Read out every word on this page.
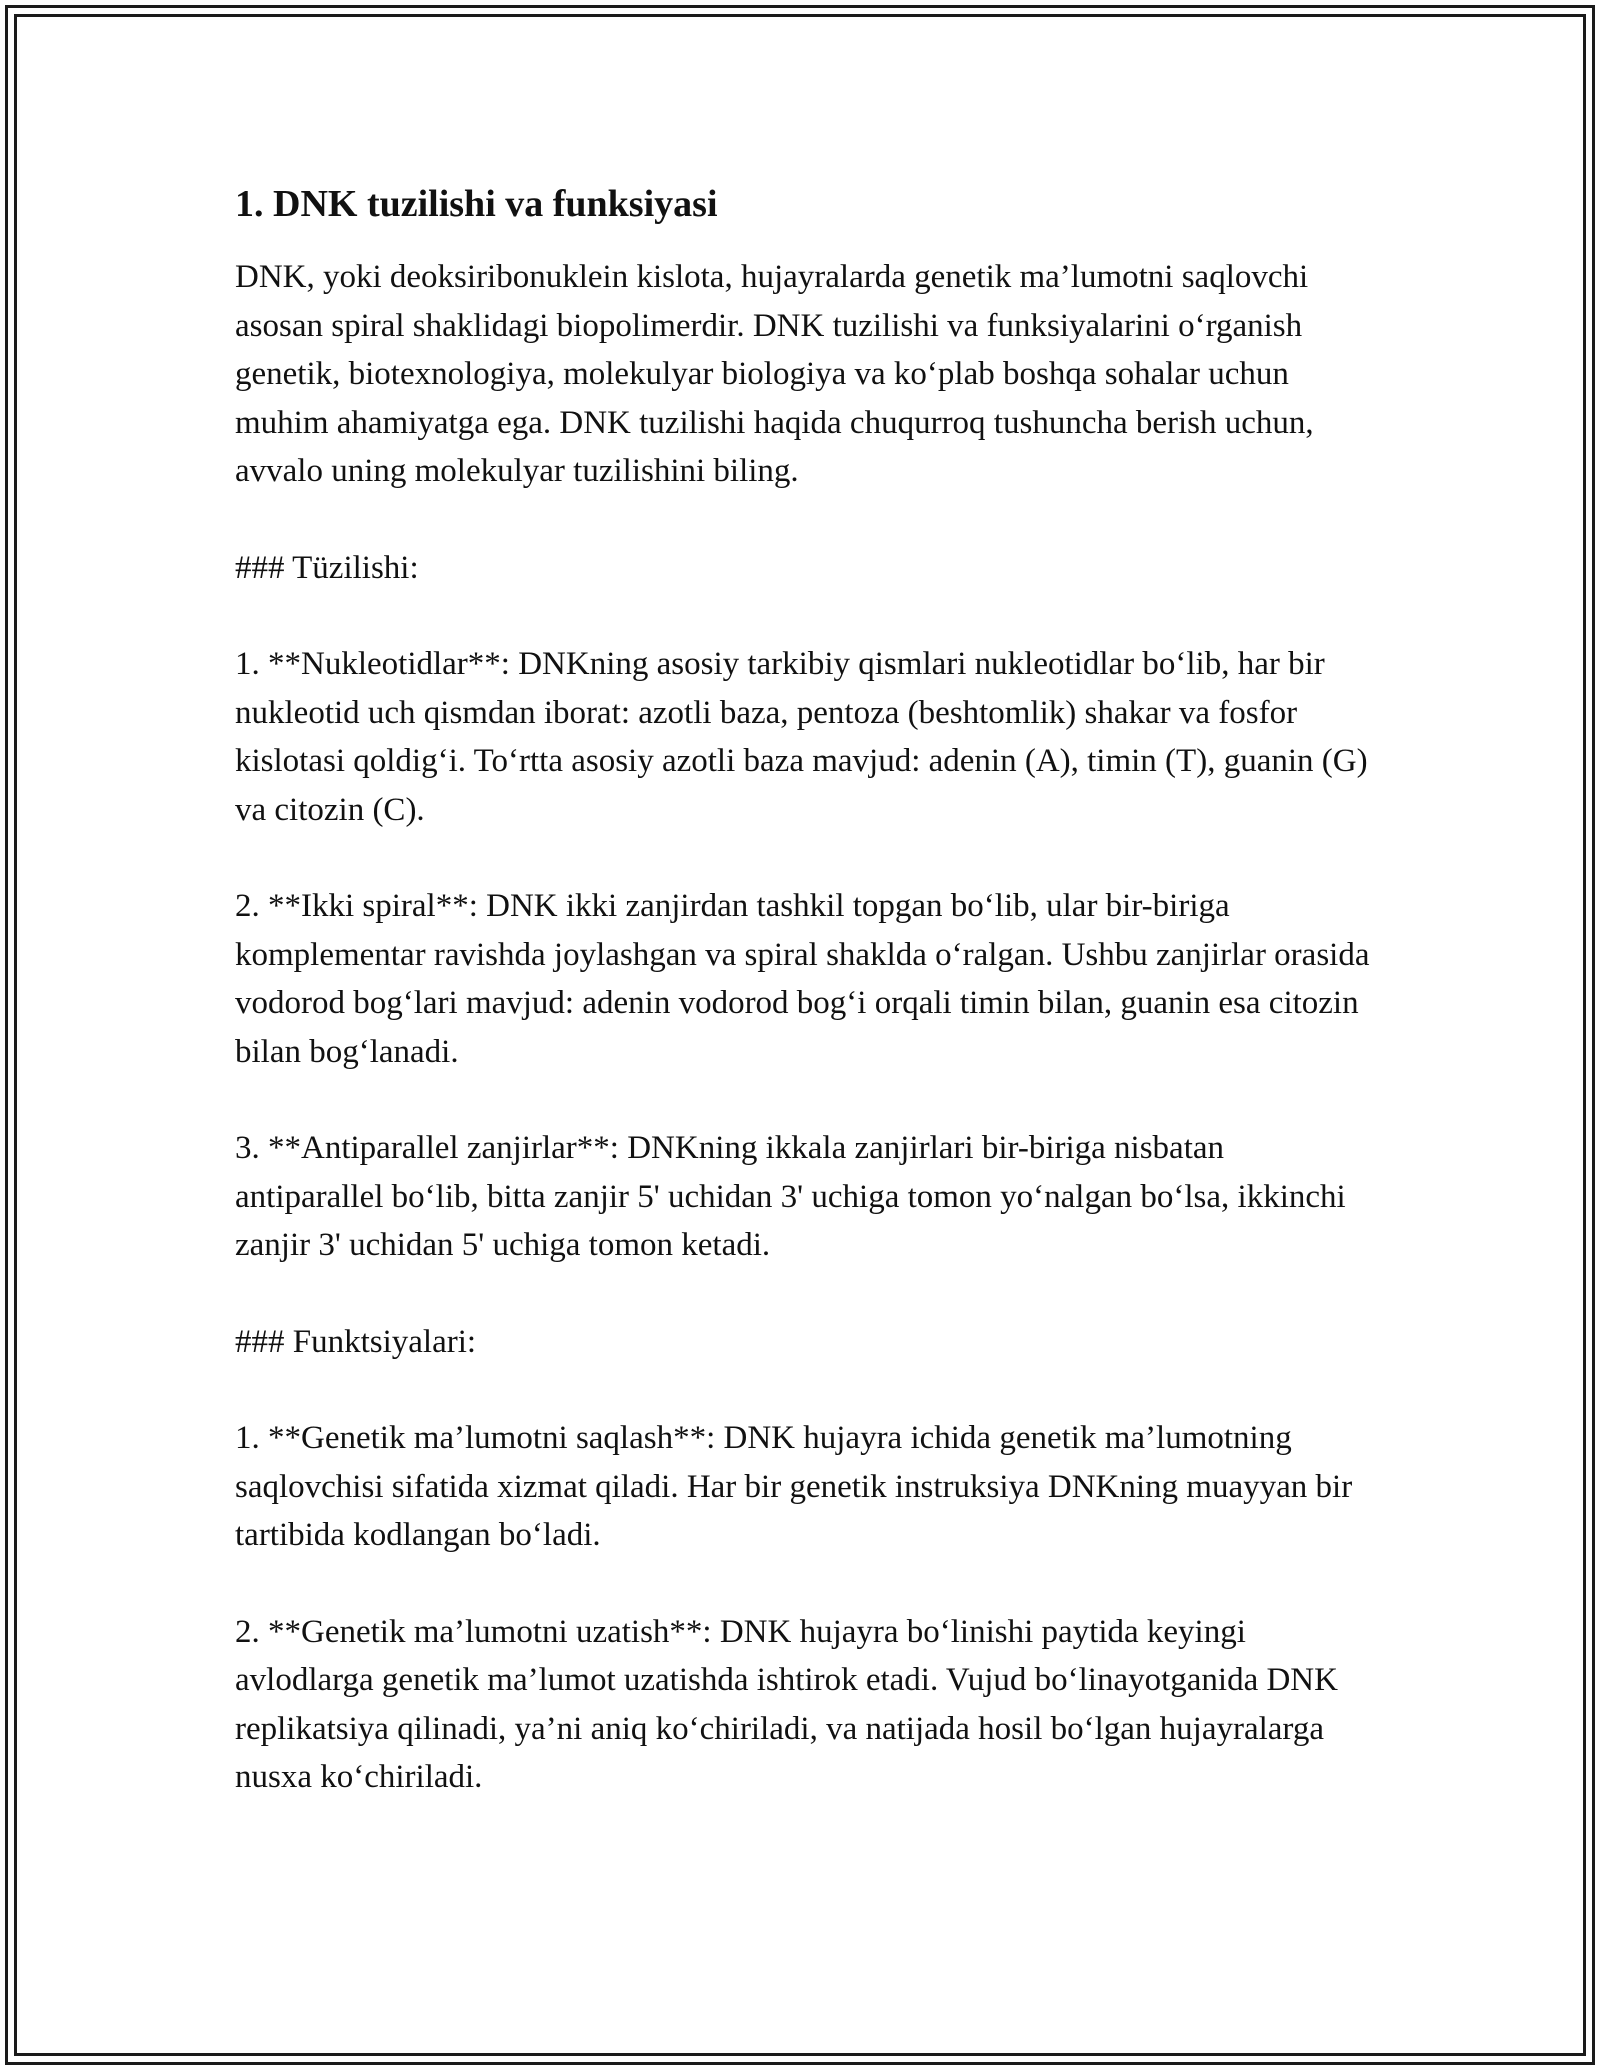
1. DNK tuzilishi va funksiyasi

DNK, yoki deoksiribonuklein kislota, hujayralarda genetik ma’lumotni saqlovchi asosan spiral shaklidagi biopolimerdir. DNK tuzilishi va funksiyalarini o‘rganish genetik, biotexnologiya, molekulyar biologiya va ko‘plab boshqa sohalar uchun muhim ahamiyatga ega. DNK tuzilishi haqida chuqurroq tushuncha berish uchun, avvalo uning molekulyar tuzilishini biling.

### Tüzilishi:

1. **Nukleotidlar**: DNKning asosiy tarkibiy qismlari nukleotidlar bo‘lib, har bir nukleotid uch qismdan iborat: azotli baza, pentoza (beshtomlik) shakar va fosfor kislotasi qoldig‘i. To‘rtta asosiy azotli baza mavjud: adenin (A), timin (T), guanin (G) va citozin (C).

2. **Ikki spiral**: DNK ikki zanjirdan tashkil topgan bo‘lib, ular bir-biriga komplementar ravishda joylashgan va spiral shaklda o‘ralgan. Ushbu zanjirlar orasida vodorod bog‘lari mavjud: adenin vodorod bog‘i orqali timin bilan, guanin esa citozin bilan bog‘lanadi.

3. **Antiparallel zanjirlar**: DNKning ikkala zanjirlari bir-biriga nisbatan antiparallel bo‘lib, bitta zanjir 5' uchidan 3' uchiga tomon yo‘nalgan bo‘lsa, ikkinchi zanjir 3' uchidan 5' uchiga tomon ketadi.

### Funktsiyalari:

1. **Genetik ma’lumotni saqlash**: DNK hujayra ichida genetik ma’lumotning saqlovchisi sifatida xizmat qiladi. Har bir genetik instruksiya DNKning muayyan bir tartibida kodlangan bo‘ladi.

2. **Genetik ma’lumotni uzatish**: DNK hujayra bo‘linishi paytida keyingi avlodlarga genetik ma’lumot uzatishda ishtirok etadi. Vujud bo‘linayotganida DNK replikatsiya qilinadi, ya’ni aniq ko‘chiriladi, va natijada hosil bo‘lgan hujayralarga nusxa ko‘chiriladi.
